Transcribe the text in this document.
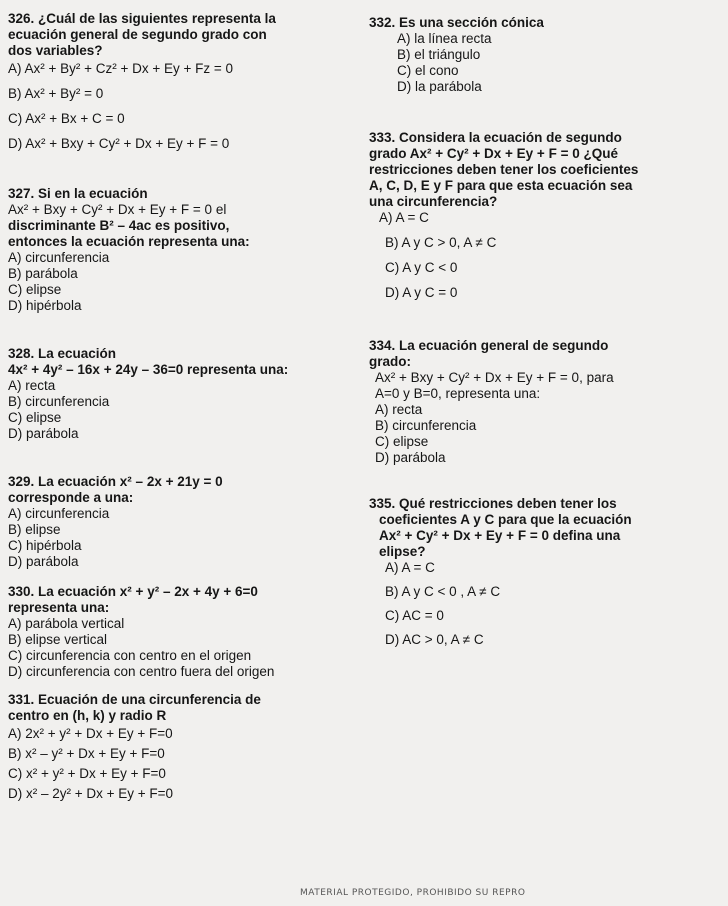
326. ¿Cuál de las siguientes representa la
ecuación general de segundo grado con
dos variables?
A) Ax² + By² + Cz² + Dx + Ey + Fz = 0
B) Ax² + By² = 0
C) Ax² + Bx + C = 0
D) Ax² + Bxy + Cy² + Dx + Ey + F = 0
327. Si en la ecuación
Ax² + Bxy + Cy² + Dx + Ey + F = 0 el
discriminante B² – 4ac es positivo,
entonces la ecuación representa una:
A) circunferencia
B) parábola
C) elipse
D) hipérbola
328. La ecuación
4x² + 4y² – 16x + 24y – 36=0 representa una:
A) recta
B) circunferencia
C) elipse
D) parábola
329. La ecuación x² – 2x + 21y = 0
corresponde a una:
A) circunferencia
B) elipse
C) hipérbola
D) parábola
330. La ecuación x² + y² – 2x + 4y + 6=0
representa una:
A) parábola vertical
B) elipse vertical
C) circunferencia con centro en el origen
D) circunferencia con centro fuera del origen
331. Ecuación de una circunferencia de
centro en (h, k) y radio R
A) 2x² + y² + Dx + Ey + F=0
B) x² – y² + Dx + Ey + F=0
C) x² + y² + Dx + Ey + F=0
D) x² – 2y² + Dx + Ey + F=0
332. Es una sección cónica
A) la línea recta
B) el triángulo
C) el cono
D) la parábola
333. Considera la ecuación de segundo
grado Ax² + Cy² + Dx + Ey + F = 0 ¿Qué
restricciones deben tener los coeficientes
A, C, D, E y F para que esta ecuación sea
una circunferencia?
A) A = C
B) A y C > 0, A ≠ C
C) A y C < 0
D) A y C = 0
334. La ecuación general de segundo
grado:
Ax² + Bxy + Cy² + Dx + Ey + F = 0, para
A=0 y B=0, representa una:
A) recta
B) circunferencia
C) elipse
D) parábola
335. Qué restricciones deben tener los
coeficientes A y C para que la ecuación
Ax² + Cy² + Dx + Ey + F = 0 defina una
elipse?
A) A = C
B) A y C < 0 , A ≠ C
C) AC = 0
D) AC > 0, A ≠ C
MATERIAL PROTEGIDO, PROHIBIDO SU REPRO
